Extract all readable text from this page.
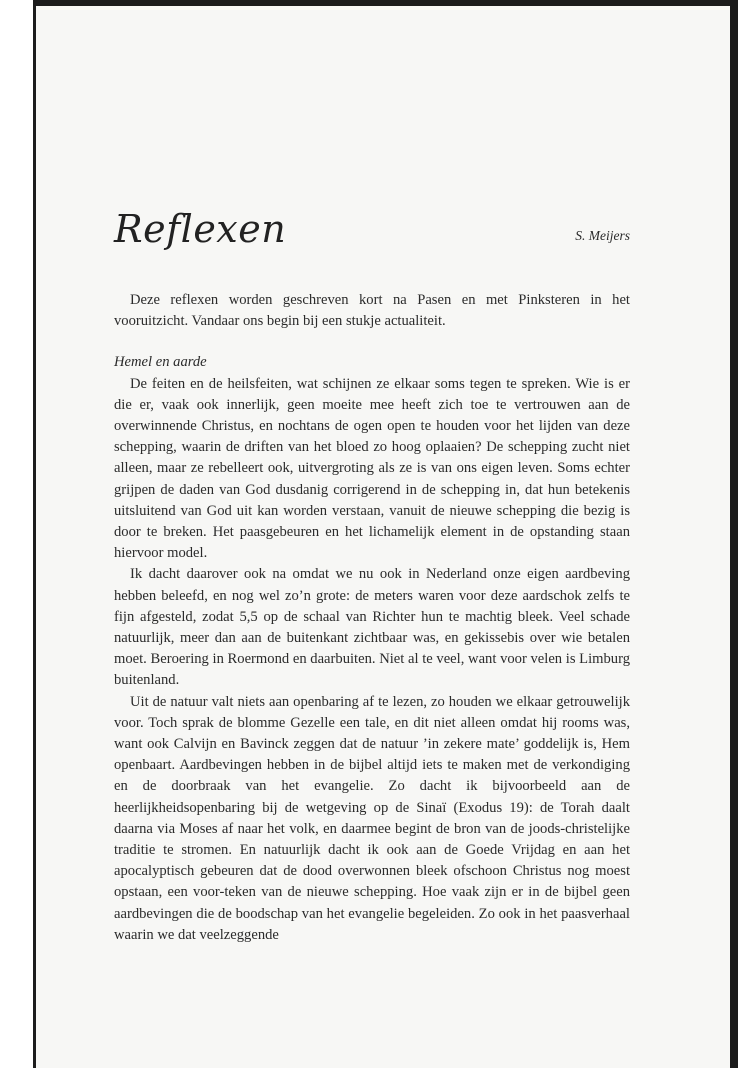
Reflexen	S. Meijers

Deze reflexen worden geschreven kort na Pasen en met Pinksteren in het vooruitzicht. Vandaar ons begin bij een stukje actualiteit.

Hemel en aarde

De feiten en de heilsfeiten, wat schijnen ze elkaar soms tegen te spreken. Wie is er die er, vaak ook innerlijk, geen moeite mee heeft zich toe te vertrouwen aan de overwinnende Christus, en nochtans de ogen open te houden voor het lijden van deze schepping, waarin de driften van het bloed zo hoog oplaaien? De schepping zucht niet alleen, maar ze rebelleert ook, uitvergroting als ze is van ons eigen leven. Soms echter grijpen de daden van God dusdanig corrigerend in de schepping in, dat hun betekenis uitsluitend van God uit kan worden verstaan, vanuit de nieuwe schepping die bezig is door te breken. Het paasgebeuren en het lichamelijk element in de opstanding staan hiervoor model.

Ik dacht daarover ook na omdat we nu ook in Nederland onze eigen aardbeving hebben beleefd, en nog wel zo’n grote: de meters waren voor deze aardschok zelfs te fijn afgesteld, zodat 5,5 op de schaal van Richter hun te machtig bleek. Veel schade natuurlijk, meer dan aan de buitenkant zichtbaar was, en gekissebis over wie betalen moet. Beroering in Roermond en daarbuiten. Niet al te veel, want voor velen is Limburg buitenland.

Uit de natuur valt niets aan openbaring af te lezen, zo houden we elkaar getrouwelijk voor. Toch sprak de blomme Gezelle een tale, en dit niet alleen omdat hij rooms was, want ook Calvijn en Bavinck zeggen dat de natuur ’in zekere mate’ goddelijk is, Hem openbaart. Aardbevingen hebben in de bijbel altijd iets te maken met de verkondiging en de doorbraak van het evangelie. Zo dacht ik bijvoorbeeld aan de heerlijkheidsopenbaring bij de wetgeving op de Sinaï (Exodus 19): de Torah daalt daarna via Moses af naar het volk, en daarmee begint de bron van de joods-christelijke traditie te stromen. En natuurlijk dacht ik ook aan de Goede Vrijdag en aan het apocalyptisch gebeuren dat de dood overwonnen bleek ofschoon Christus nog moest opstaan, een voor-teken van de nieuwe schepping. Hoe vaak zijn er in de bijbel geen aardbevingen die de boodschap van het evangelie begeleiden. Zo ook in het paasverhaal waarin we dat veelzeggende
